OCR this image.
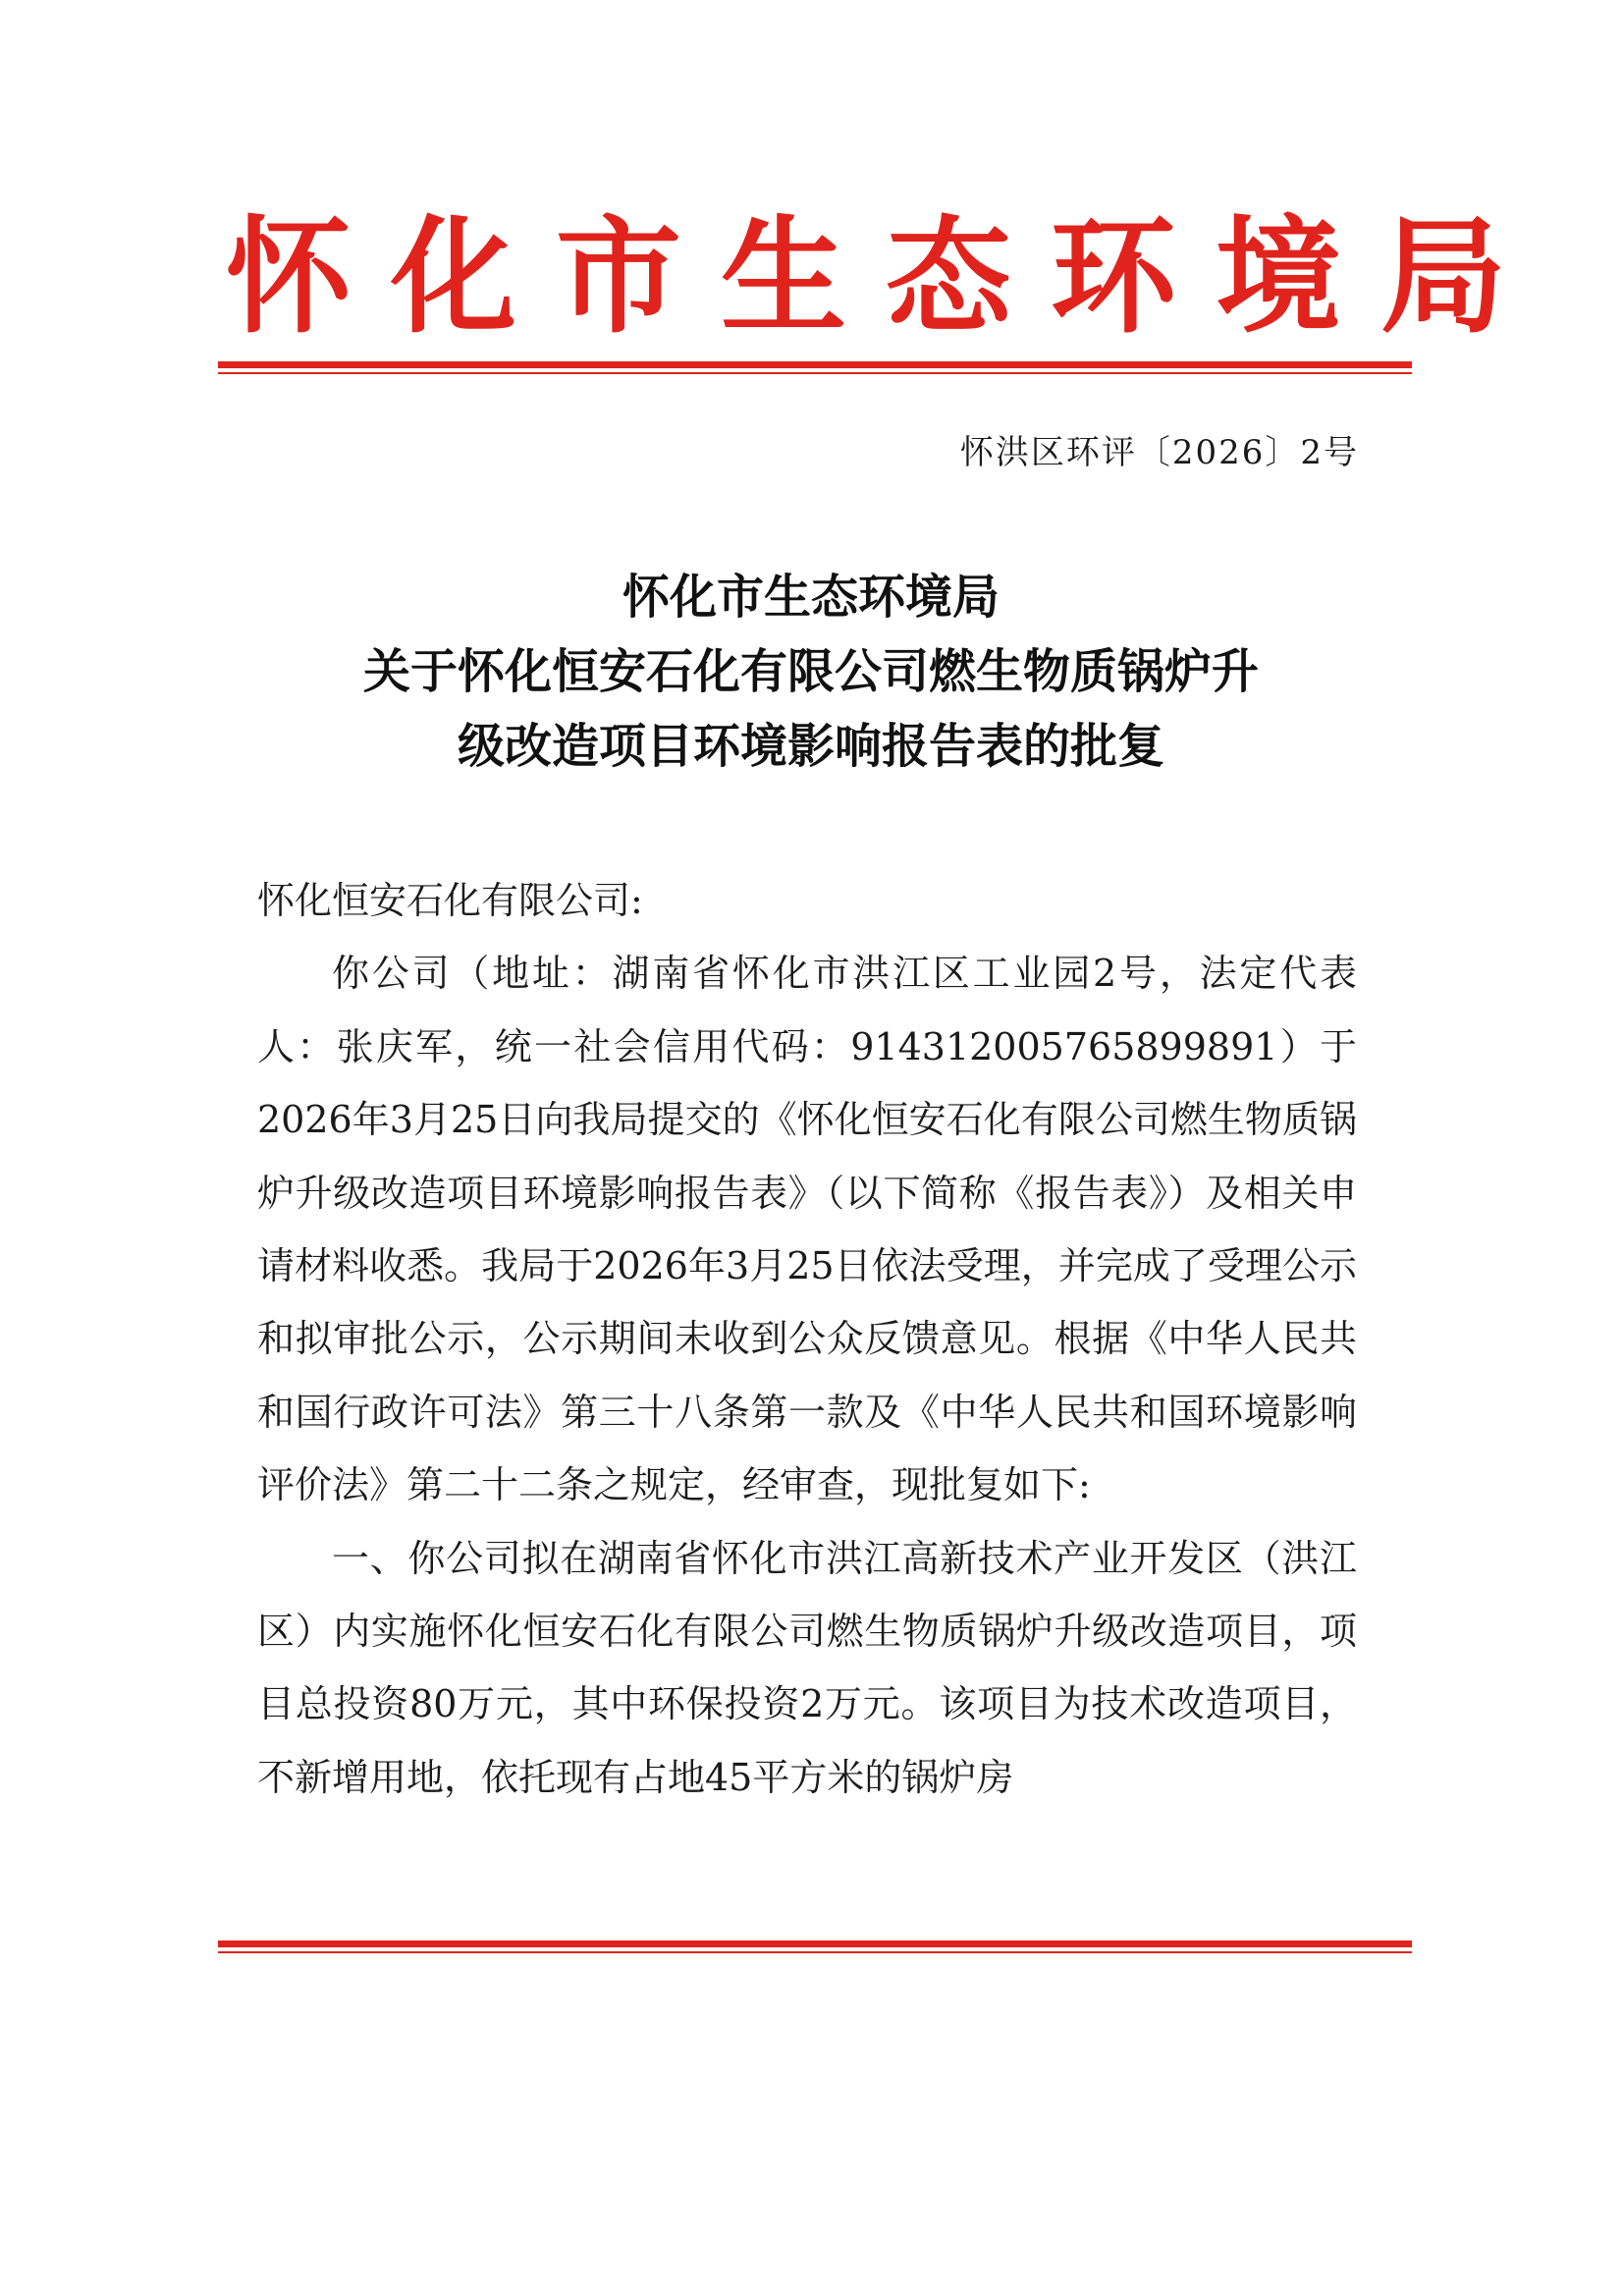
怀化市生态环境局
怀洪区环评〔2026〕2号
怀化市生态环境局
关于怀化恒安石化有限公司燃生物质锅炉升
级改造项目环境影响报告表的批复

怀化恒安石化有限公司:

你公司（地址：湖南省怀化市洪江区工业园2号，法定代表人：张庆军，统一社会信用代码：914312005765899891）于2026年3月25日向我局提交的《怀化恒安石化有限公司燃生物质锅炉升级改造项目环境影响报告表》（以下简称《报告表》）及相关申请材料收悉。我局于2026年3月25日依法受理，并完成了受理公示和拟审批公示，公示期间未收到公众反馈意见。根据《中华人民共和国行政许可法》第三十八条第一款及《中华人民共和国环境影响评价法》第二十二条之规定，经审查，现批复如下:

一、你公司拟在湖南省怀化市洪江高新技术产业开发区（洪江区）内实施怀化恒安石化有限公司燃生物质锅炉升级改造项目，项目总投资80万元，其中环保投资2万元。该项目为技术改造项目，不新增用地，依托现有占地45平方米的锅炉房
